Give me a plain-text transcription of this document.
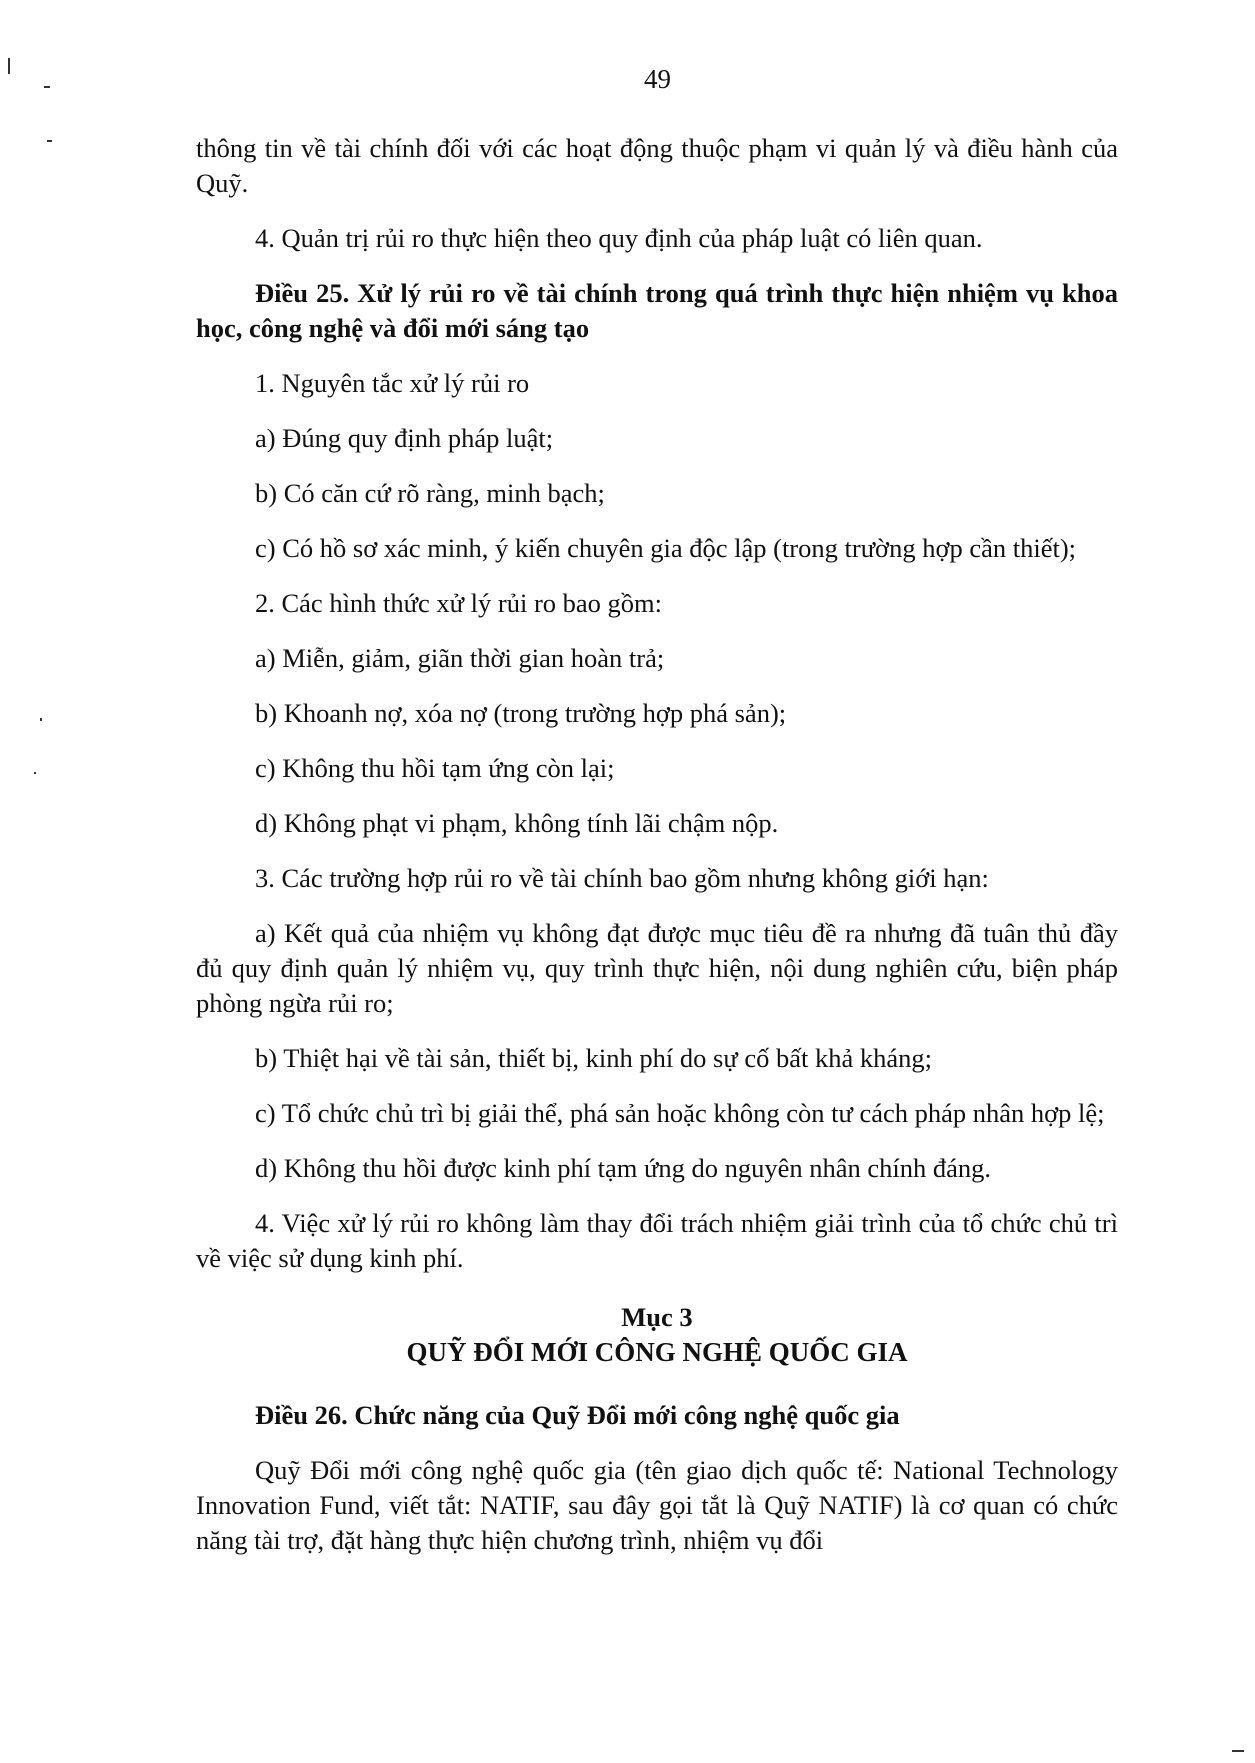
49

thông tin về tài chính đối với các hoạt động thuộc phạm vi quản lý và điều hành của Quỹ.

4. Quản trị rủi ro thực hiện theo quy định của pháp luật có liên quan.

Điều 25. Xử lý rủi ro về tài chính trong quá trình thực hiện nhiệm vụ khoa học, công nghệ và đổi mới sáng tạo

1. Nguyên tắc xử lý rủi ro

a) Đúng quy định pháp luật;

b) Có căn cứ rõ ràng, minh bạch;

c) Có hồ sơ xác minh, ý kiến chuyên gia độc lập (trong trường hợp cần thiết);

2. Các hình thức xử lý rủi ro bao gồm:

a) Miễn, giảm, giãn thời gian hoàn trả;

b) Khoanh nợ, xóa nợ (trong trường hợp phá sản);

c) Không thu hồi tạm ứng còn lại;

d) Không phạt vi phạm, không tính lãi chậm nộp.

3. Các trường hợp rủi ro về tài chính bao gồm nhưng không giới hạn:

a) Kết quả của nhiệm vụ không đạt được mục tiêu đề ra nhưng đã tuân thủ đầy đủ quy định quản lý nhiệm vụ, quy trình thực hiện, nội dung nghiên cứu, biện pháp phòng ngừa rủi ro;

b) Thiệt hại về tài sản, thiết bị, kinh phí do sự cố bất khả kháng;

c) Tổ chức chủ trì bị giải thể, phá sản hoặc không còn tư cách pháp nhân hợp lệ;

d) Không thu hồi được kinh phí tạm ứng do nguyên nhân chính đáng.

4. Việc xử lý rủi ro không làm thay đổi trách nhiệm giải trình của tổ chức chủ trì về việc sử dụng kinh phí.

Mục 3
QUỸ ĐỔI MỚI CÔNG NGHỆ QUỐC GIA

Điều 26. Chức năng của Quỹ Đổi mới công nghệ quốc gia

Quỹ Đổi mới công nghệ quốc gia (tên giao dịch quốc tế: National Technology Innovation Fund, viết tắt: NATIF, sau đây gọi tắt là Quỹ NATIF) là cơ quan có chức năng tài trợ, đặt hàng thực hiện chương trình, nhiệm vụ đổi
